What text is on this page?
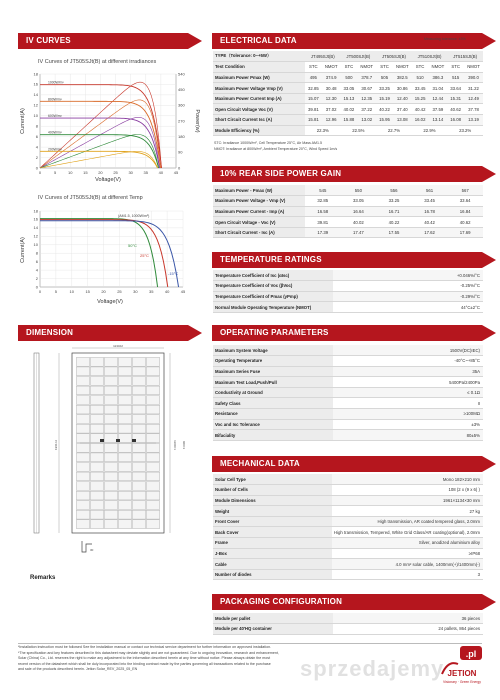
IV CURVES
IV Curves of JT505SJt(B) at different irradiances
0
2
4
6
8
10
12
14
16
18
0
90
180
270
360
450
540
0	5	10	15	20	25	30	35	40	45
1000W/m²
800W/m²
600W/m²
400W/m²
200W/m²
Current(A)	Power(w)
Voltage(V)
IV Curves of JT505SJt(B) at different Temp
0
2
4
6
8
10
12
14
16
18
0	5	10	15	20	25	30	35	40	45
(AM1.5, 1000W/m²)
50°C
25°C
-15°C
Current(A)
Voltage(V)
DIMENSION
1134±2
1961±2	1100±1 400±1
30
Remarks
ELECTRICAL DATA	Measuring tolerance: ±3%
TYPE（Tolerance: 0~+5W）	JT495SJt(B)		JT500SJt(B)		JT505SJt(B)		JT510SJt(B)		JT515SJt(B)	
Test Condition	STC	NMOT	STC	NMOT	STC	NMOT	STC	NMOT	STC	NMOT
Maximum Power Pmax (W)	495	374.9	500	378.7	505	382.5	510	386.3	515	390.0
Maximum Power Voltage Vmp (V)	32.85	30.48	33.05	30.67	33.25	30.86	33.45	31.04	33.64	31.22
Maximum Power Current Imp (A)	15.07	12.30	15.13	12.35	15.19	12.40	15.25	12.44	15.31	12.49
Open Circuit Voltage Voc (V)	39.81	37.02	40.02	37.22	40.22	37.40	40.42	37.59	40.62	37.78
Short Circuit Current Isc (A)	15.81	12.96	15.88	13.02	15.95	13.08	16.02	13.14	16.08	13.19
Module Efficiency (%)	22.3%		22.5%		22.7%		22.9%		23.2%	
STC: Irradiance 1000W/m², Cell Temperature 25°C, Air Mass AM1.5
NMOT: Irradiance at 800W/m², Ambient Temperature 20°C, Wind Speed 1m/s
10% REAR SIDE POWER GAIN
Maximum Power - Pmax (W)	545	550	556	561	567
Maximum Power Voltage - Vmp (V)	32.85	33.05	33.25	33.45	33.64
Maximum Power Current - Imp (A)	16.58	16.64	16.71	16.78	16.84
Open Circuit Voltage - Voc (V)	39.81	40.02	40.22	40.42	40.62
Short Circuit Current - Isc (A)	17.39	17.47	17.55	17.62	17.69
TEMPERATURE RATINGS
Temperature Coefficient of Isc (αIsc)	+0.046%/°C
Temperature Coefficient of Voc (βVoc)	-0.25%/°C
Temperature Coefficient of Pmax (γPmp)	-0.29%/°C
Normal Module Operating Temperature (NMOT)	44°C±2°C
OPERATING PARAMETERS
Maximum System Voltage	1500V(DC)IEC)
Operating Temperature	-40°C~+85°C
Maximum Series Fuse	35A
Maximum Test Load,Push/Pull	5400Pa/2400Pa
Conductivity at Ground	≤ 0.1Ω
Safety Class	II
Resistance	≥100MΩ
Voc and Isc Tolerance	±3%
Bifaciality	80±5%
MECHANICAL DATA
Solar Cell Type	Mono 182×210 mm
Number of Cells	108 (2 x (9 x 6) )
Module Dimensions	1961×1134×30 mm
Weight	27 kg
Front Cover	High transmission, AR coated tempered glass, 2.0mm
Back Cover	High transmission, Tempered, White Grid Glass/AR coating(optional), 2.0mm
Frame	Silver, anodized aluminium alloy
J-Box	≥IP68
Cable	4.0 mm² solar cable, 1400mm(+)/1400mm(-)
Number of diodes	3
PACKAGING CONFIGURATION
Module per pallet	36 pieces
Module per 40'HQ container	24 pallets, 864 pieces
*Installation instruction must be followed See the installation manual or contact our technical service department for further information on approved installation.
*The specification and key features described in this datasheet may deviate slightly and are not guaranteed. Due to ongoing innovation, research and enhancement,
Solar (China) Co., Ltd. reserves the right to make any adjustment to the information described herein at any time without notice. Please always obtain the most
recent version of the datasheet which shall be duly incorporated into the binding contract made by the parties governing all transactions related to the purchase
and sale of the products described herein. Jetion Solar_REV_2025_05_EN	sprzedajemy
.pl
JETION
Visionary · Green Energy
